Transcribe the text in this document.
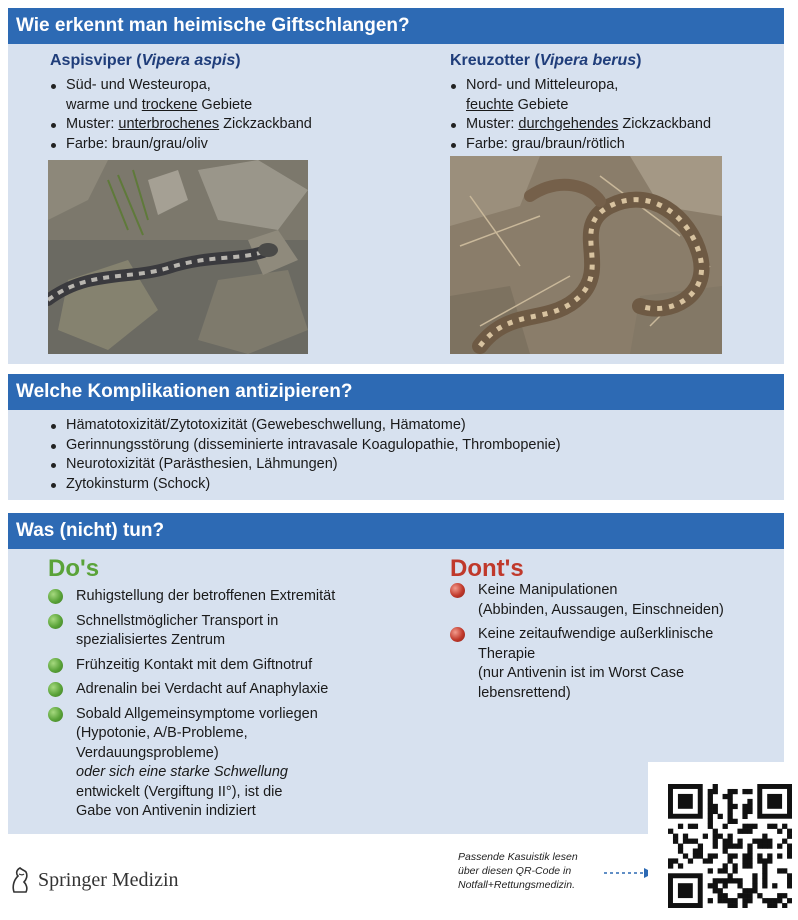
Wie erkennt man heimische Giftschlangen?
Aspisviper (Vipera aspis)
Süd- und Westeuropa,
warme und trockene Gebiete
Muster: unterbrochenes Zickzackband
Farbe: braun/grau/oliv
Kreuzotter (Vipera berus)
Nord- und Mitteleuropa,
feuchte Gebiete
Muster: durchgehendes Zickzackband
Farbe: grau/braun/rötlich
Welche Komplikationen antizipieren?
Hämatotoxizität/Zytotoxizität (Gewebeschwellung, Hämatome)
Gerinnungsstörung (disseminierte intravasale Koagulopathie, Thrombopenie)
Neurotoxizität (Parästhesien, Lähmungen)
Zytokinsturm (Schock)
Was (nicht) tun?
Do's
Ruhigstellung der betroffenen Extremität
Schnellstmöglicher Transport in
spezialisiertes Zentrum
Frühzeitig Kontakt mit dem Giftnotruf
Adrenalin bei Verdacht auf Anaphylaxie
Sobald Allgemeinsymptome vorliegen
(Hypotonie, A/B-Probleme,
Verdauungsprobleme)
oder sich eine starke Schwellung
entwickelt (Vergiftung II°), ist die
Gabe von Antivenin indiziert
Dont's
Keine Manipulationen
(Abbinden, Aussaugen, Einschneiden)
Keine zeitaufwendige außerklinische
Therapie
(nur Antivenin ist im Worst Case
lebensrettend)
Springer Medizin
Passende Kasuistik lesen
über diesen QR-Code in
Notfall+Rettungsmedizin.
